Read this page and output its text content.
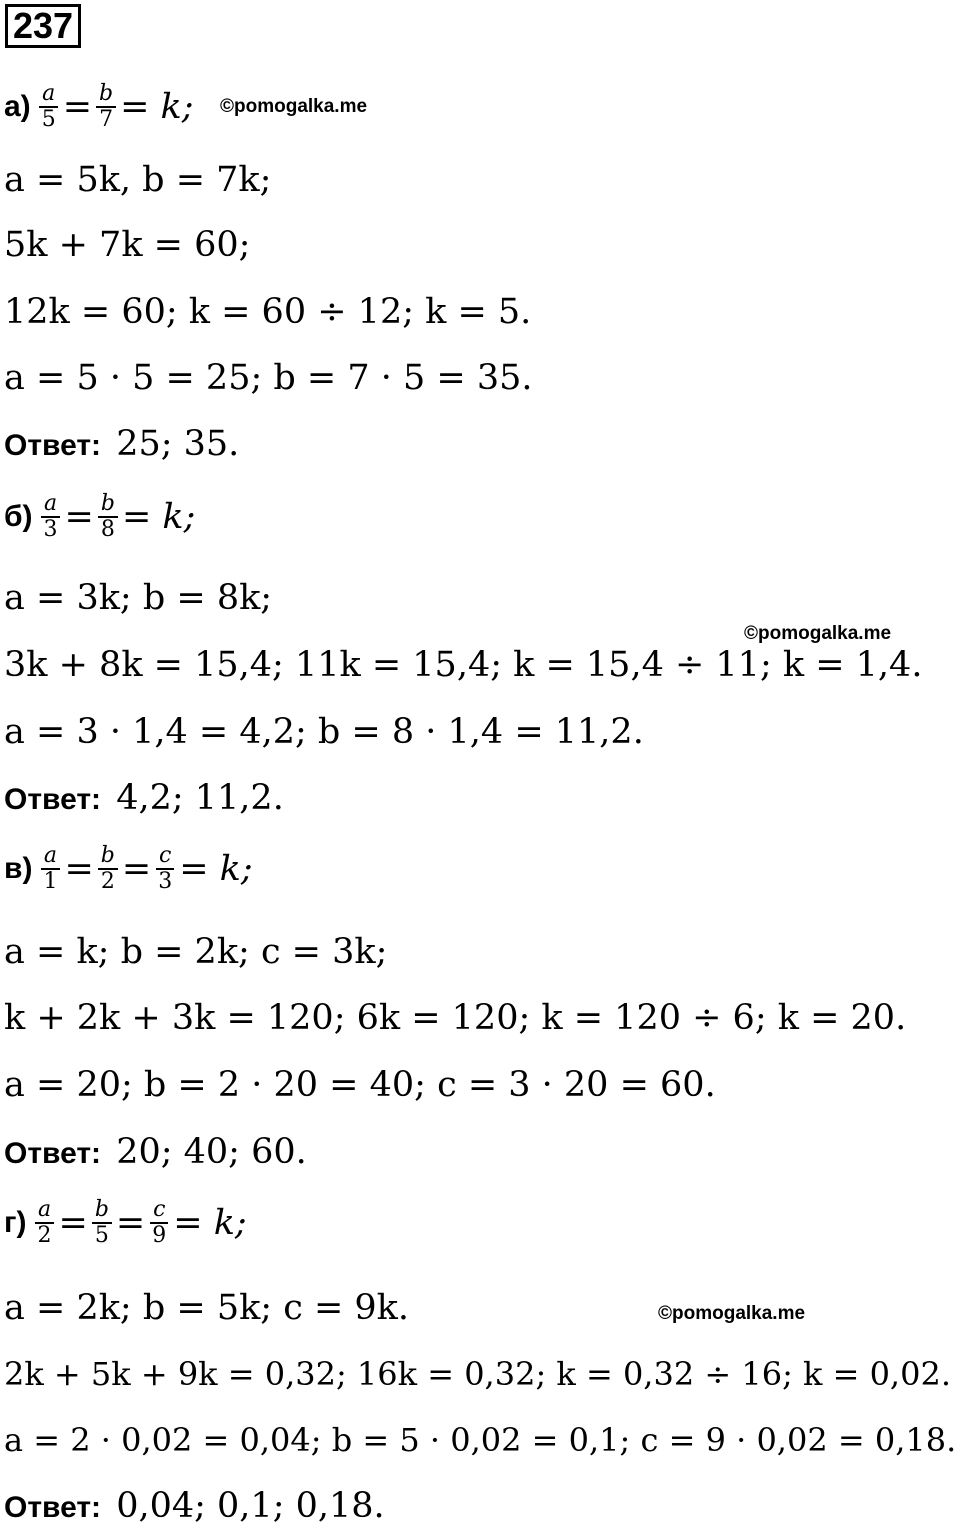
237
$а) \frac{a}{5} = \frac{b}{7} = k$; ©pomogalka.me
a = 5k, b = 7k;
5k + 7k = 60;
12k = 60; k = 60 ÷ 12; k = 5.
a = 5 · 5 = 25; b = 7 · 5 = 35.
Ответ: 25; 35.
$б) \frac{a}{3} = \frac{b}{8} = k$;
a = 3k; b = 8k;
©pomogalka.me
3k + 8k = 15,4; 11k = 15,4; k = 15,4 ÷ 11; k = 1,4.
a = 3 · 1,4 = 4,2; b = 8 · 1,4 = 11,2.
Ответ: 4,2; 11,2.
$в) \frac{a}{1} = \frac{b}{2} = \frac{c}{3} = k$;
a = k; b = 2k; c = 3k;
k + 2k + 3k = 120; 6k = 120; k = 120 ÷ 6; k = 20.
a = 20; b = 2 · 20 = 40; c = 3 · 20 = 60.
Ответ: 20; 40; 60.
$г) \frac{a}{2} = \frac{b}{5} = \frac{c}{9} = k$;
a = 2k; b = 5k; c = 9k.	©pomogalka.me
2k + 5k + 9k = 0,32; 16k = 0,32; k = 0,32 ÷ 16; k = 0,02.
a = 2 · 0,02 = 0,04; b = 5 · 0,02 = 0,1; c = 9 · 0,02 = 0,18.
Ответ: 0,04; 0,1; 0,18.
